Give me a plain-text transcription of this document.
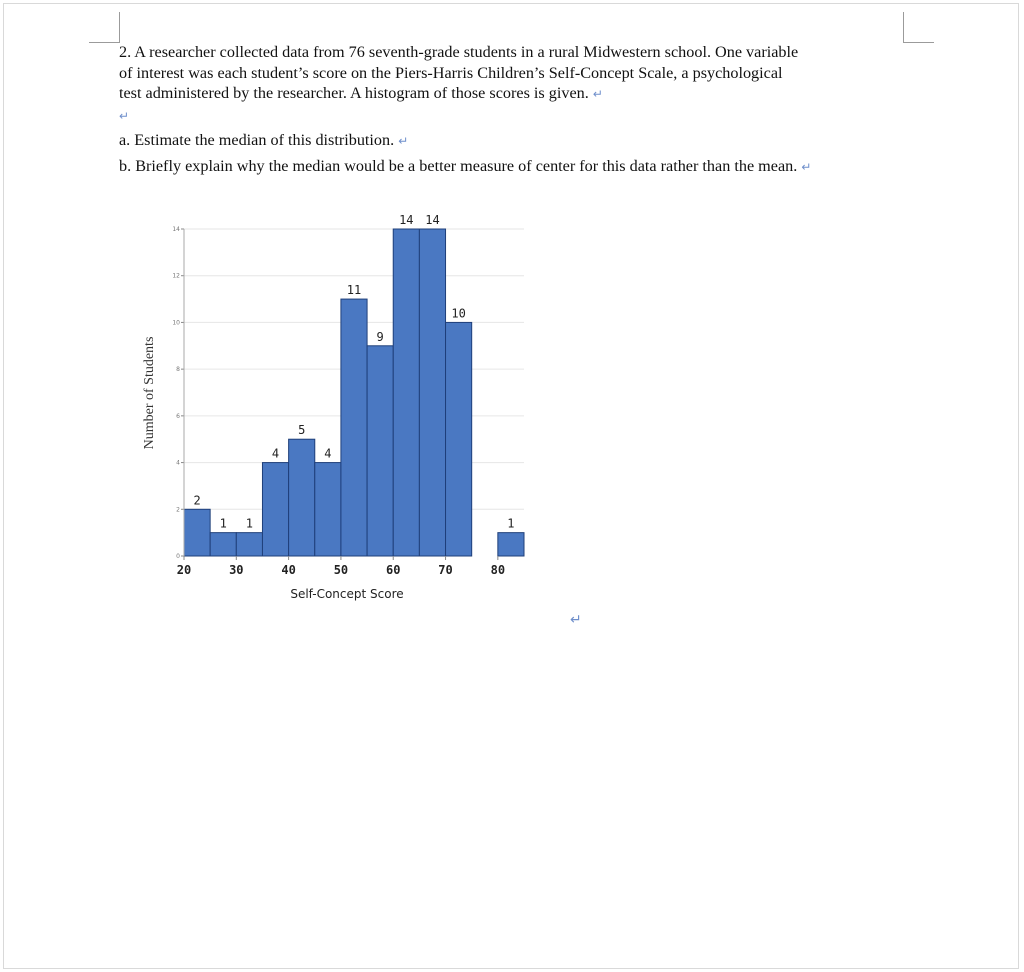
2. A researcher collected data from 76 seventh-grade students in a rural Midwestern school. One variable

of interest was each student’s score on the Piers-Harris Children’s Self-Concept Scale, a psychological

test administered by the researcher. A histogram of those scores is given. ↵

↵

a. Estimate the median of this distribution. ↵

b. Briefly explain why the median would be a better measure of center for this data rather than the mean. ↵

0
2
4
6
8
10
12
14
2
1 1
4
5
4
11
9
14 14
10
1
20	30	40	50	60	70	80
Self-Concept Score
Number of Students
↵
